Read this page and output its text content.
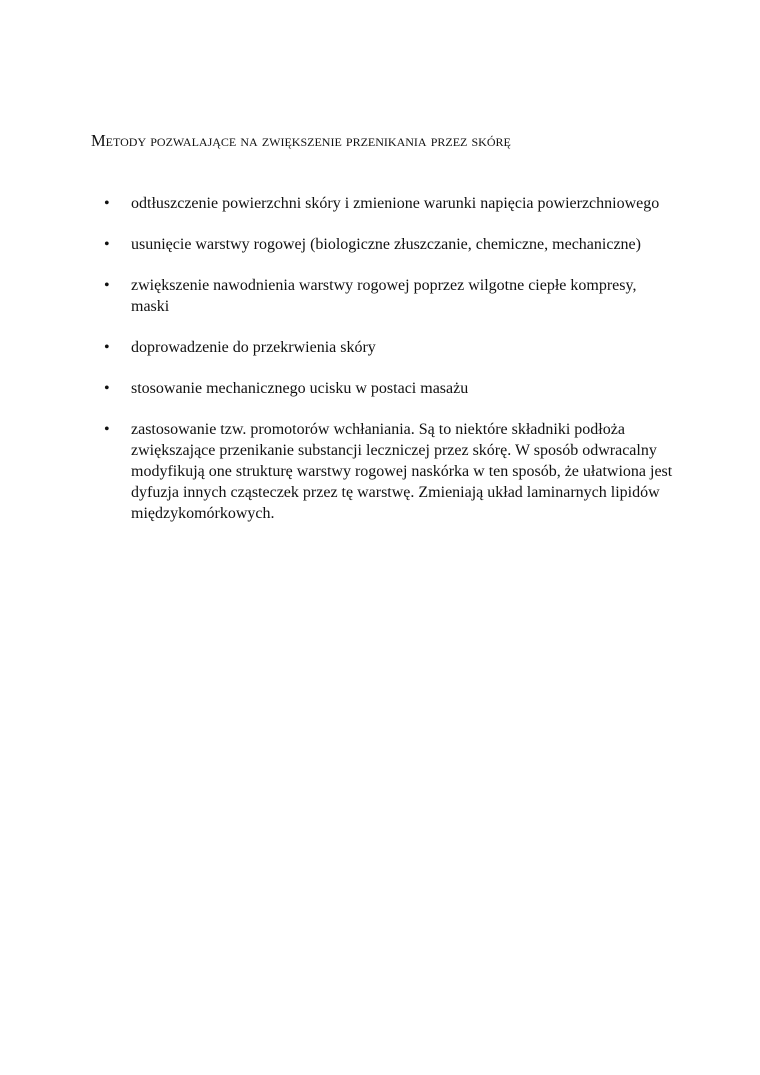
Metody pozwalające na zwiększenie przenikania przez skórę
• odtłuszczenie powierzchni skóry i zmienione warunki napięcia powierzchniowego
• usunięcie warstwy rogowej (biologiczne złuszczanie, chemiczne, mechaniczne)
• zwiększenie nawodnienia warstwy rogowej poprzez wilgotne ciepłe kompresy, maski
• doprowadzenie do przekrwienia skóry
• stosowanie mechanicznego ucisku w postaci masażu
• zastosowanie tzw. promotorów wchłaniania. Są to niektóre składniki podłoża zwiększające przenikanie substancji leczniczej przez skórę. W sposób odwracalny modyfikują one strukturę warstwy rogowej naskórka w ten sposób, że ułatwiona jest dyfuzja innych cząsteczek przez tę warstwę. Zmieniają układ laminarnych lipidów międzykomórkowych.
